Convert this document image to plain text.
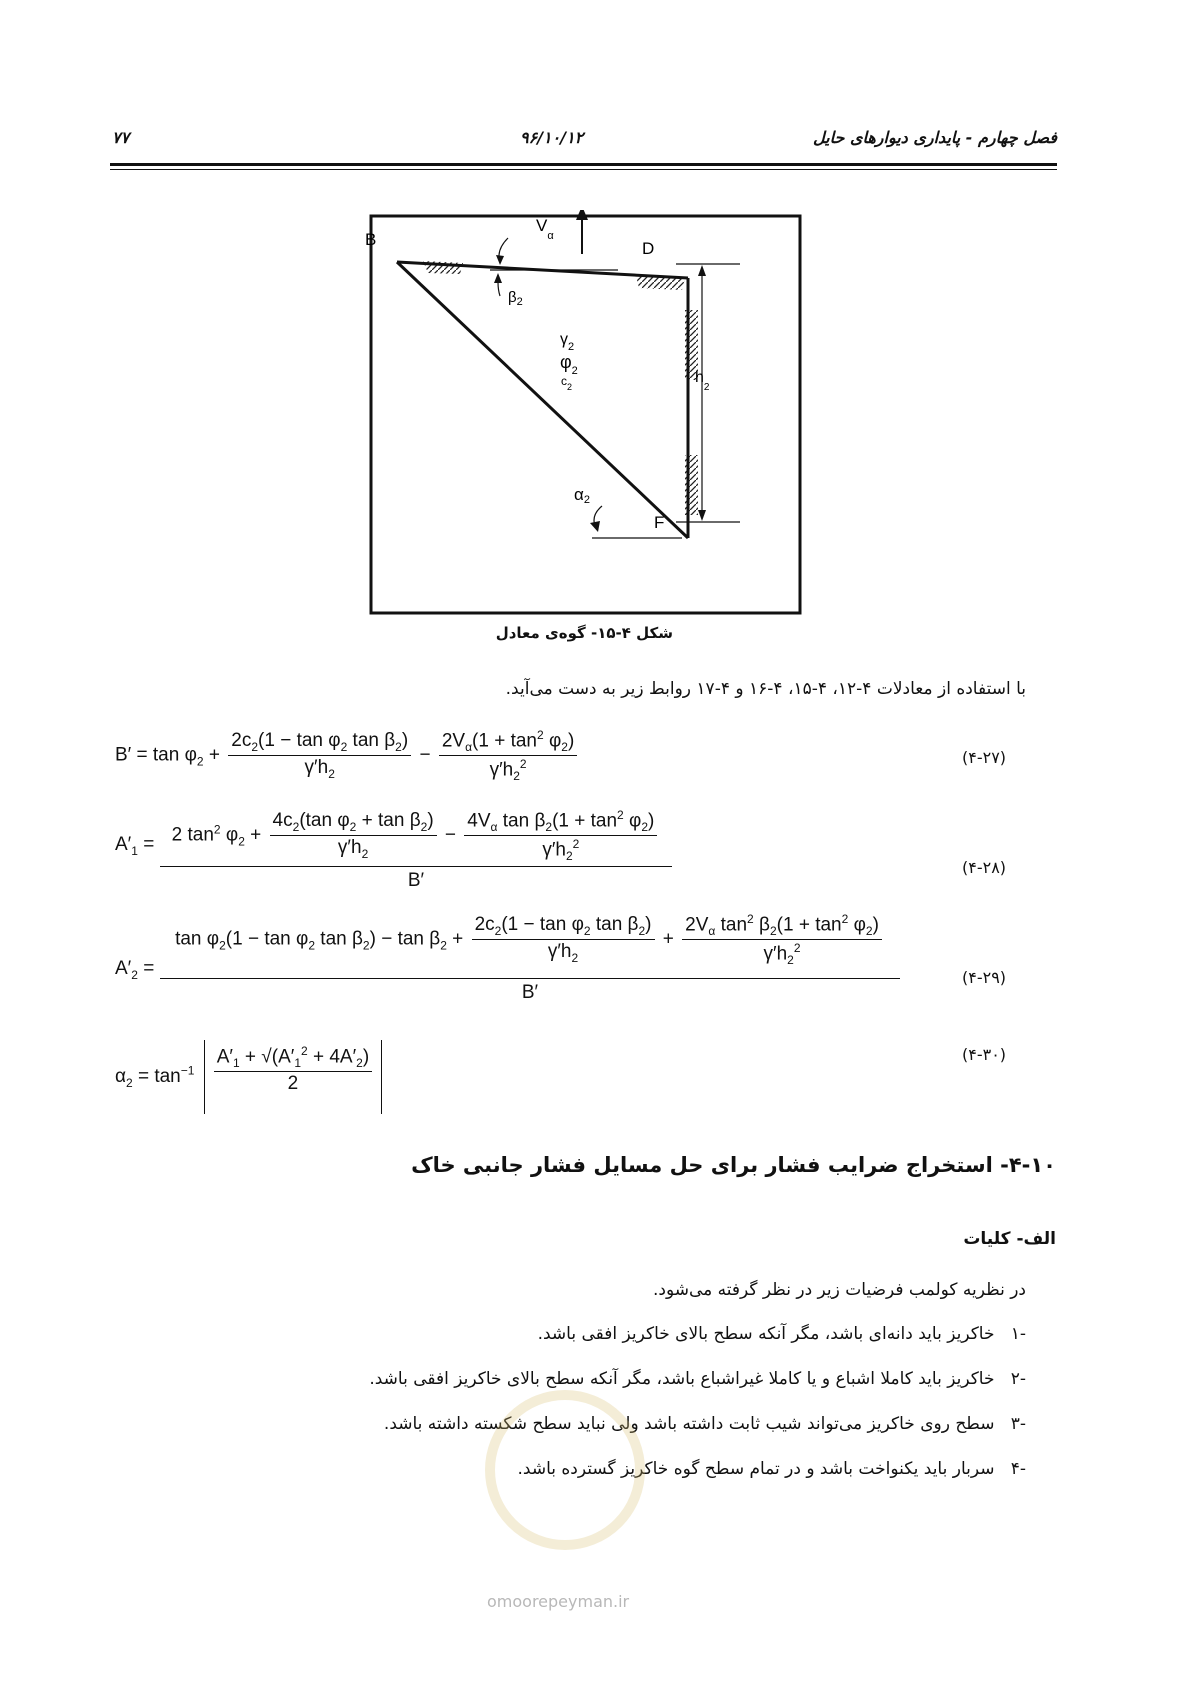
فصل چهارم - پایداری دیوارهای حایل
۹۶/۱۰/۱۲
۷۷
B	D
F
$V_\alpha$
$\beta_2$
$\gamma_2$
$\varphi_2$
$c_2$
$h_2$
α2
شکل ۴-۱۵- گوه‌ی معادل
با استفاده از معادلات ۴-۱۲، ۴-۱۵، ۴-۱۶ و ۴-۱۷ روابط زیر به دست می‌آید.
$B' = \tan \varphi_2 + \frac{2c_2(1 - \tan \varphi_2 \tan \beta_2)}{\gamma'h_2} - \frac{2V_\alpha(1 + \tan^2 \varphi_2)}{\gamma'h_2^2}$	(۴-۲۷)
$A'_1 = 2$ $\tan^2 \varphi_2 + \frac{4c_2(\tan \varphi_2 + \tan \beta_2)}{\gamma'h_2} - \frac{4V_\alpha \tan \beta_2(1 + \tan^2 \varphi_2)}{\gamma'h_2^2}$
B′
(۴-۲۸)
$A'_2$ =
$\tan \varphi_2(1 - \tan \varphi_2$ $\tan \beta_2) - \tan \beta_2 + \frac{2c_2(1 - \tan \varphi_2 \tan \beta_2)}{\gamma'h_2} + \frac{2V_\alpha \tan^2 \beta_2(1 + \tan^2 \varphi_2)}{\gamma'h_2^2}$
B′
(۴-۲۹)
$\alpha_2 = \tan^{-1} \frac{A'_1 + √(A'_1^2 + 4A'_2)}{2}$	(۴-۳۰)
۴-۱۰- استخراج ضرایب فشار برای حل مسایل فشار جانبی خاک
الف- کلیات
در نظریه کولمب فرضیات زیر در نظر گرفته می‌شود.
-۱   خاکریز باید دانه‌ای باشد، مگر آنکه سطح بالای خاکریز افقی باشد.
-۲   خاکریز باید کاملا اشباع و یا کاملا غیراشباع باشد، مگر آنکه سطح بالای خاکریز افقی باشد.
-۳   سطح روی خاکریز می‌تواند شیب ثابت داشته باشد ولی نباید سطح شکسته داشته باشد.
-۴   سربار باید یکنواخت باشد و در تمام سطح گوه خاکریز گسترده باشد.
omoorepeyman.ir
